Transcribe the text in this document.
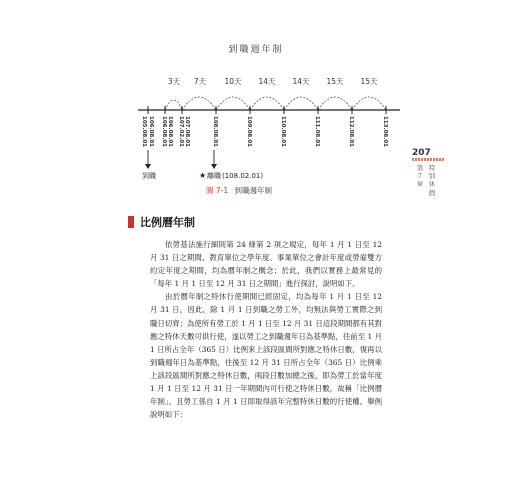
到職週年制
3天 7天 10天 14天 14天 15天 15天
105.08.01 106.08.01 106.08.01 106.08.01 107.02.01 107.08.01	108.08.01	109.08.01	110.08.01	111.08.01	112.08.01	113.08.01
到職	★ 離職 (108.02.01)
圖 7-1 到職週年制
207
第
7
章
特
別
休
假
比例曆年制

依勞基法施行細則第 24 條第 2 項之規定，每年 1 月 1 日至 12 月 31 日之期間、教育單位之學年度、事業單位之會計年度或勞雇雙方約定年度之期間，均為曆年制之概念；於此，我們以實務上最常見的「每年 1 月 1 日至 12 月 31 日之期間」進行探討，說明如下。

由於曆年制之特休行使期間已經固定，均為每年 1 月 1 日至 12 月 31 日，因此，除 1 月 1 日到職之勞工外，均無法與勞工實際之到職日切齊；為使所有勞工於 1 月 1 日至 12 月 31 日這段期間都有其對應之特休天數可供行使，遂以勞工之到職週年日為基準點，往前至 1 月 1 日所占全年（365 日）比例來上該段區間所對應之特休日數，復再以到職週年日為基準點，往後至 12 月 31 日所占全年（365 日）比例乘上該段區間所對應之特休日數，兩段日數加總之後，即為勞工於當年度 1 月 1 日至 12 月 31 日一年期間內可行使之特休日數，故稱「比例曆年制」，且勞工係自 1 月 1 日即取得該年完整特休日數的行使權。舉例說明如下：
